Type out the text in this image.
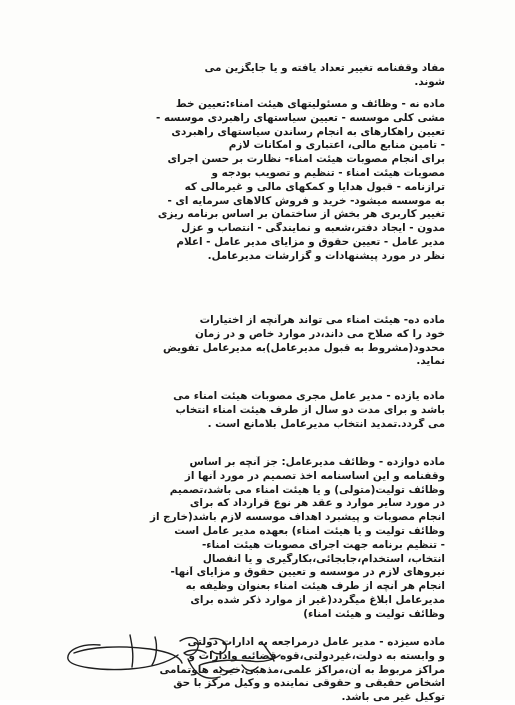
مفاد وقفنامه تغییر تعداد یافته و یا جایگزین می
شوند.
ماده نه - وظائف و مسئولیتهای هیئت امناء:تعیین خط
مشی کلی موسسه - تعیین سیاستهای راهبردی موسسه -
تعیین راهکارهای به انجام رساندن سیاستهای راهبردی
- تامین منابع مالی، اعتباری و امکانات لازم
برای انجام مصوبات هیئت امناء- نظارت بر حسن اجرای
مصوبات هیئت امناء - تنظیم و تصویب بودجه و
ترازنامه - قبول هدایا و کمکهای مالی و غیرمالی که
به موسسه میشود- خرید و فروش کالاهای سرمایه ای -
تغییر کاربری هر بخش از ساختمان بر اساس برنامه ریزی
مدون - ایجاد دفتر،شعبه و نمایندگی - انتصاب و عزل
مدیر عامل - تعیین حقوق و مزایای مدیر عامل - اعلام
نظر در مورد پیشنهادات و گزارشات مدیرعامل.
ماده ده- هیئت امناء می تواند هرآنچه از اختیارات
خود را که صلاح می داند،در موارد خاص و در زمان
محدود(مشروط به قبول مدیرعامل)به مدیرعامل تفویض
نماید.
ماده یازده - مدیر عامل مجری مصوبات هیئت امناء می
باشد و برای مدت دو سال از طرف هیئت امناء انتخاب
می گردد.تمدید انتخاب مدیرعامل بلامانع است .
ماده دوازده - وظائف مدیرعامل: جز آنچه بر اساس
وقفنامه و این اساسنامه اخذ تصمیم در مورد آنها از
وظائف تولیت(متولی) و یا هیئت امناء می باشد،تصمیم
در مورد سایر موارد و عقد هر نوع قرارداد که برای
انجام مصوبات و پیشبرد اهداف موسسه لازم باشد(خارج از
وظائف تولیت و یا هیئت امناء) بعهده مدیر عامل است
- تنظیم برنامه جهت اجرای مصوبات هیئت امناء-
انتخاب، استخدام،جابجائی،بکارگیری و یا انفصال
نیروهای لازم در موسسه و تعیین حقوق و مزایای آنها-
انجام هر آنچه از طرف هیئت امناء بعنوان وظیفه به
مدیرعامل ابلاغ میگردد(غیر از موارد ذکر شده برای
وظائف تولیت و هیئت امناء)
ماده سیزده - مدیر عامل درمراجعه به ادارات دولتی
و وابسته به دولت،غیردولتی،قوه قضائیه وادارات و
مراکز مربوط به آن،مراکز علمی،مذهبی،خیریه هاوتمامی
اشخاص حقیقی و حقوقی نماینده و وکیل مرکز با حق
توکیل غیر می باشد.
